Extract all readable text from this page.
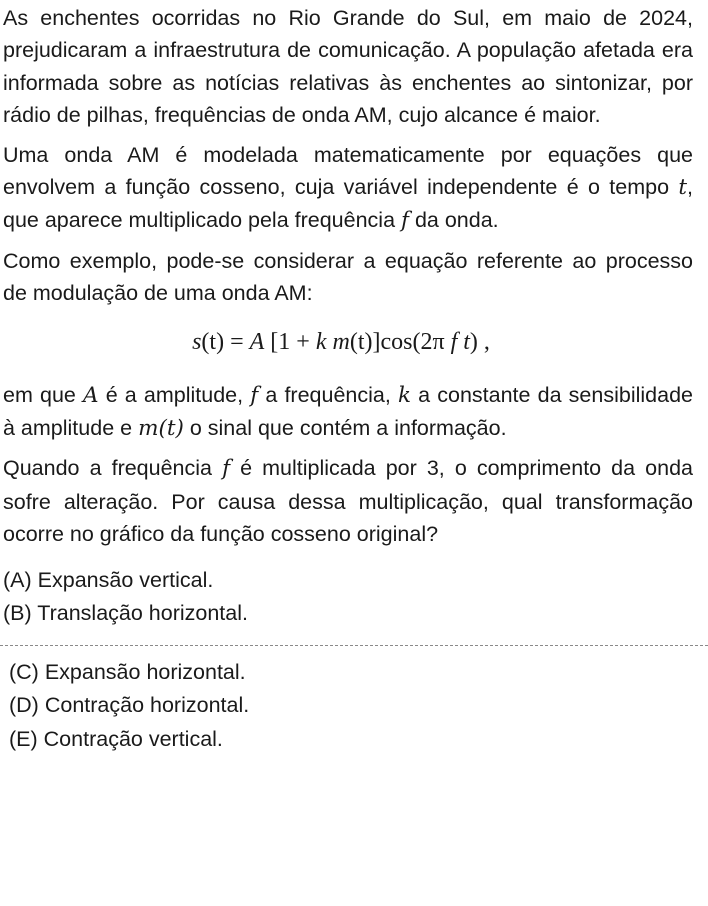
As enchentes ocorridas no Rio Grande do Sul, em maio de 2024, prejudicaram a infraestrutura de comunicação. A população afetada era informada sobre as notícias relativas às enchentes ao sintonizar, por rádio de pilhas, frequências de onda AM, cujo alcance é maior.

Uma onda AM é modelada matematicamente por equações que envolvem a função cosseno, cuja variável independente é o tempo t, que aparece multiplicado pela frequência f da onda.

Como exemplo, pode-se considerar a equação referente ao processo de modulação de uma onda AM:

s(t) = A [1 + k m(t)]cos(2π f t) ,

em que A é a amplitude, f a frequência, k a constante da sensibilidade à amplitude e m(t) o sinal que contém a informação.

Quando a frequência f é multiplicada por 3, o comprimento da onda sofre alteração. Por causa dessa multiplicação, qual transformação ocorre no gráfico da função cosseno original?

(A) Expansão vertical.
(B) Translação horizontal.
(C) Expansão horizontal.
(D) Contração horizontal.
(E) Contração vertical.
